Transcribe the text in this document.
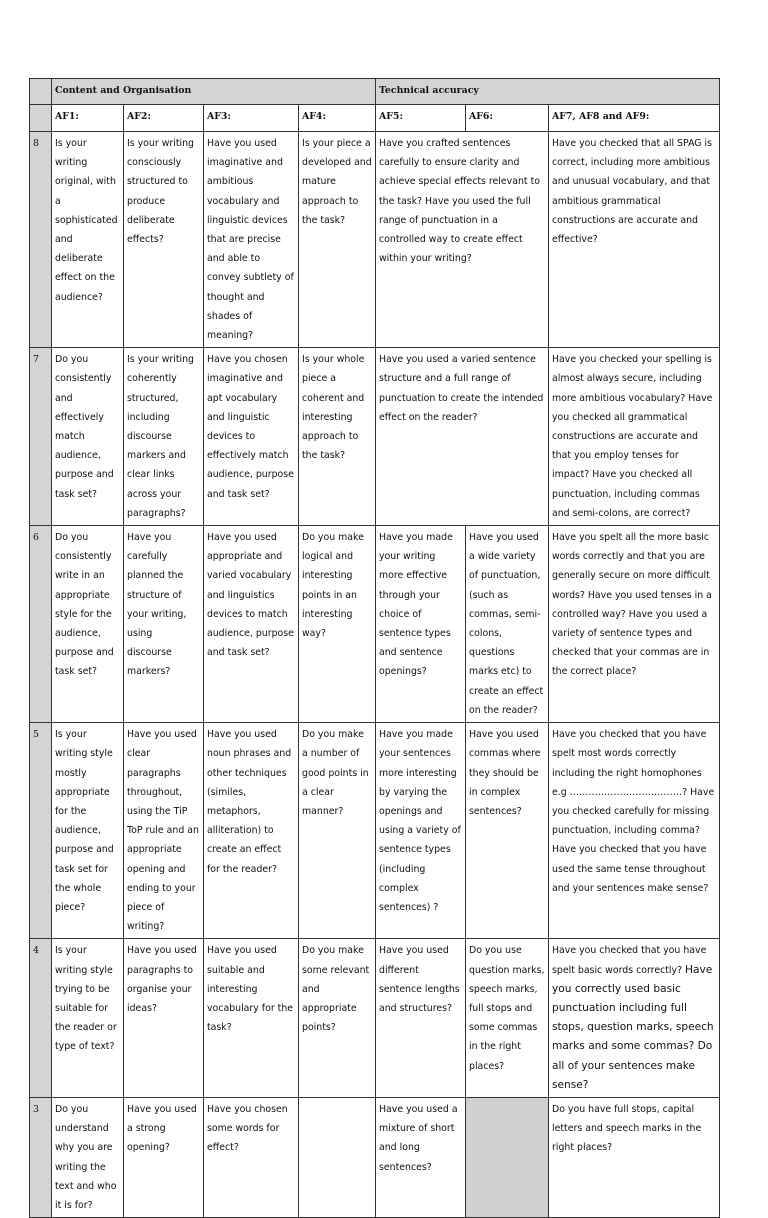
	Content and Organisation				Technical accuracy		
	AF1:	AF2:	AF3:	AF4:	AF5:	AF6:	AF7, AF8 and AF9:
8	Is your writing original, with a sophisticated and deliberate effect on the audience?	Is your writing consciously structured to produce deliberate effects?	Have you used imaginative and ambitious vocabulary and linguistic devices that are precise and able to convey subtlety of thought and shades of meaning?	Is your piece a developed and mature approach to the task?	Have you crafted sentences carefully to ensure clarity and achieve special effects relevant to the task? Have you used the full range of punctuation in a controlled way to create effect within your writing?		Have you checked that all SPAG is correct, including more ambitious and unusual vocabulary, and that ambitious grammatical constructions are accurate and effective?
7	Do you consistently and effectively match audience, purpose and task set?	Is your writing coherently structured, including discourse markers and clear links across your paragraphs?	Have you chosen imaginative and apt vocabulary and linguistic devices to effectively match audience, purpose and task set?	Is your whole piece a coherent and interesting approach to the task?	Have you used a varied sentence structure and a full range of punctuation to create the intended effect on the reader?		Have you checked your spelling is almost always secure, including more ambitious vocabulary? Have you checked all grammatical constructions are accurate and that you employ tenses for impact? Have you checked all punctuation, including commas and semi-colons, are correct?
6	Do you consistently write in an appropriate style for the audience, purpose and task set?	Have you carefully planned the structure of your writing, using discourse markers?	Have you used appropriate and varied vocabulary and linguistics devices to match audience, purpose and task set?	Do you make logical and interesting points in an interesting way?	Have you made your writing more effective through your choice of sentence types and sentence openings?	Have you used a wide variety of punctuation, (such as commas, semi-colons, questions marks etc) to create an effect on the reader?	Have you spelt all the more basic words correctly and that you are generally secure on more difficult words? Have you used tenses in a controlled way? Have you used a variety of sentence types and checked that your commas are in the correct place?
5	Is your writing style mostly appropriate for the audience, purpose and task set for the whole piece?	Have you used clear paragraphs throughout, using the TiP ToP rule and an appropriate opening and ending to your piece of writing?	Have you used noun phrases and other techniques (similes, metaphors, alliteration) to create an effect for the reader?	Do you make a number of good points in a clear manner?	Have you made your sentences more interesting by varying the openings and using a variety of sentence types (including complex sentences) ?	Have you used commas where they should be in complex sentences?	Have you checked that you have spelt most words correctly including the right homophones e.g ………………………………? Have you checked carefully for missing punctuation, including comma? Have you checked that you have used the same tense throughout and your sentences make sense?
4	Is your writing style trying to be suitable for the reader or type of text?	Have you used paragraphs to organise your ideas?	Have you used suitable and interesting vocabulary for the task?	Do you make some relevant and appropriate points?	Have you used different sentence lengths and structures?	Do you use question marks, speech marks, full stops and some commas in the right places?	Have you checked that you have spelt basic words correctly? Have you correctly used basic punctuation including full stops, question marks, speech marks and some commas? Do all of your sentences make sense?
3	Do you understand why you are writing the text and who it is for?	Have you used a strong opening?	Have you chosen some words for effect?		Have you used a mixture of short and long sentences?		Do you have full stops, capital letters and speech marks in the right places?
